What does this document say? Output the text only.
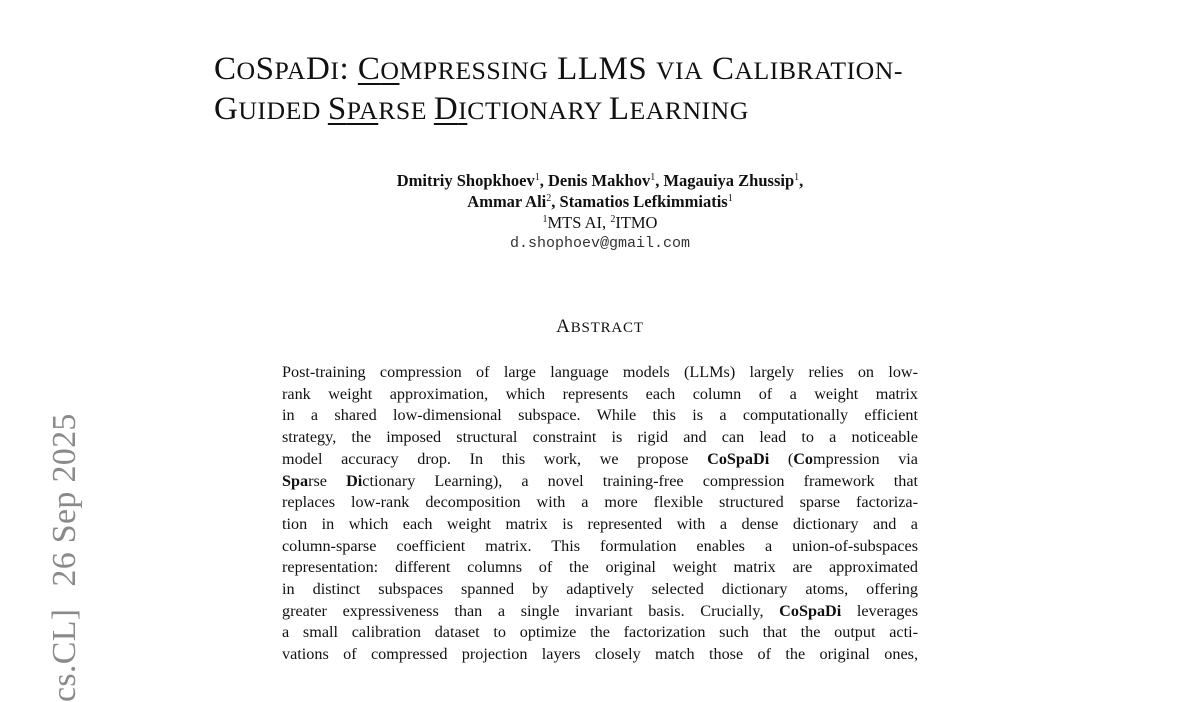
cs.CL]26 Sep 2025
COSPADI: COMPRESSING LLMS VIA CALIBRATION-
GUIDED SPARSE DICTIONARY LEARNING
Dmitriy Shopkhoev$^1$, Denis Makhov$^1$, Magauiya Zhussip$^1$,
Ammar Ali$^2$, Stamatios Lefkimmiatis$^1$
$^1$MTS AI, $^2$ITMO
d.shophoev@gmail.com
ABSTRACT
Post-training compression of large language models (LLMs) largely relies on low-
rank weight approximation, which represents each column of a weight matrix
in a shared low-dimensional subspace. While this is a computationally efficient
strategy, the imposed structural constraint is rigid and can lead to a noticeable
model accuracy drop. In this work, we propose CoSpaDi (Compression via
Sparse Dictionary Learning), a novel training-free compression framework that
replaces low-rank decomposition with a more flexible structured sparse factoriza-
tion in which each weight matrix is represented with a dense dictionary and a
column-sparse coefficient matrix. This formulation enables a union-of-subspaces
representation: different columns of the original weight matrix are approximated
in distinct subspaces spanned by adaptively selected dictionary atoms, offering
greater expressiveness than a single invariant basis. Crucially, CoSpaDi leverages
a small calibration dataset to optimize the factorization such that the output acti-
vations of compressed projection layers closely match those of the original ones,
